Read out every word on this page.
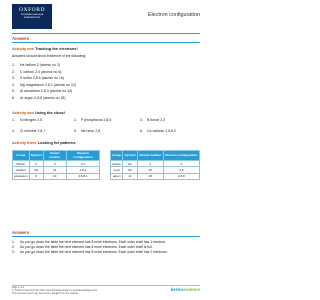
OXFORD
INTERNATIONAL AQA
EXAMINATIONS	Electron configuration
Answers
Activity one Tracking the electrons!
Answers should show evidence of the following:
1. He helium 2 (atomic no 2)
2. C carbon 2,4 (atomic no 6)
3. S sulfur 2,8,6 (atomic no 16)
4. Mg magnesium 2,8,2 (atomic no 12)
5. Al aluminium 2,8,3 (atomic no 13)
6. Ar argon 2,8,8 (atomic no 18)
Activity two Using the clues!
1. N nitrogen 2,5	2. P phosphorus 2,8,5	3. B boron 2,3
4. Cl chlorine 2,8,7	5. Ne neon 2,8	6. Ca calcium 2,8,8,2
Activity three Looking for patterns
Group	Symbol	Atomic number	Electron configuration
lithium	Li	3	2,1
sodium	Na	11	2,8,1
potassium	K	19	2,8,8,1
Group	Symbol	Atomic number	Electron configuration
helium	He	2	2
neon	Ne	10	2,8
argon	Ar	18	2,8,8
Answers
1. As you go down the table the next element has 8 more electrons. Each outer shell has 1 electron.
2. As you go down the table the next element has 8 more electrons. Each outer shell is full.
3. As you go down the table the next element has 8 more electrons. Each outer shell has 2 electrons.
Page 1 of 1
© Oxford University Press 2017 www.oxfordsecondary.co.uk/acknowledgements
This resource sheet may have been changed from the original.
kerboscience
